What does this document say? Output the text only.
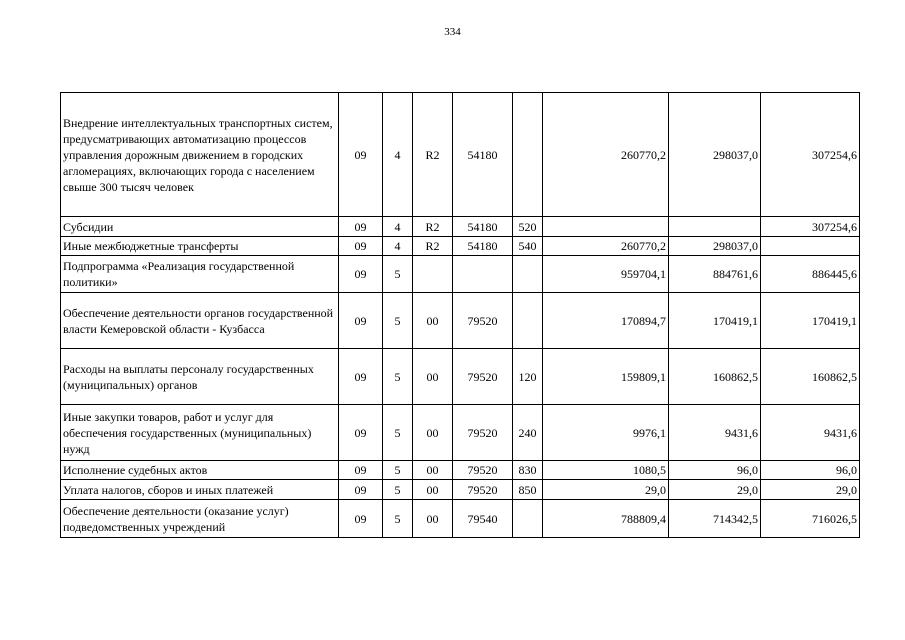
334
Внедрение интеллектуальных транспортных систем, предусматривающих автоматизацию процессов управления дорожным движением в городских агломерациях, включающих города с населением свыше 300 тысяч человек	09	4	R2	54180		260770,2	298037,0	307254,6
Субсидии	09	4	R2	54180	520			307254,6
Иные межбюджетные трансферты	09	4	R2	54180	540	260770,2	298037,0	
Подпрограмма «Реализация государственной политики»	09	5				959704,1	884761,6	886445,6
Обеспечение деятельности органов государственной власти Кемеровской области - Кузбасса	09	5	00	79520		170894,7	170419,1	170419,1
Расходы на выплаты персоналу государственных (муниципальных) органов	09	5	00	79520	120	159809,1	160862,5	160862,5
Иные закупки товаров, работ и услуг для обеспечения государственных (муниципальных) нужд	09	5	00	79520	240	9976,1	9431,6	9431,6
Исполнение судебных актов	09	5	00	79520	830	1080,5	96,0	96,0
Уплата налогов, сборов и иных платежей	09	5	00	79520	850	29,0	29,0	29,0
Обеспечение деятельности (оказание услуг) подведомственных учреждений	09	5	00	79540		788809,4	714342,5	716026,5
